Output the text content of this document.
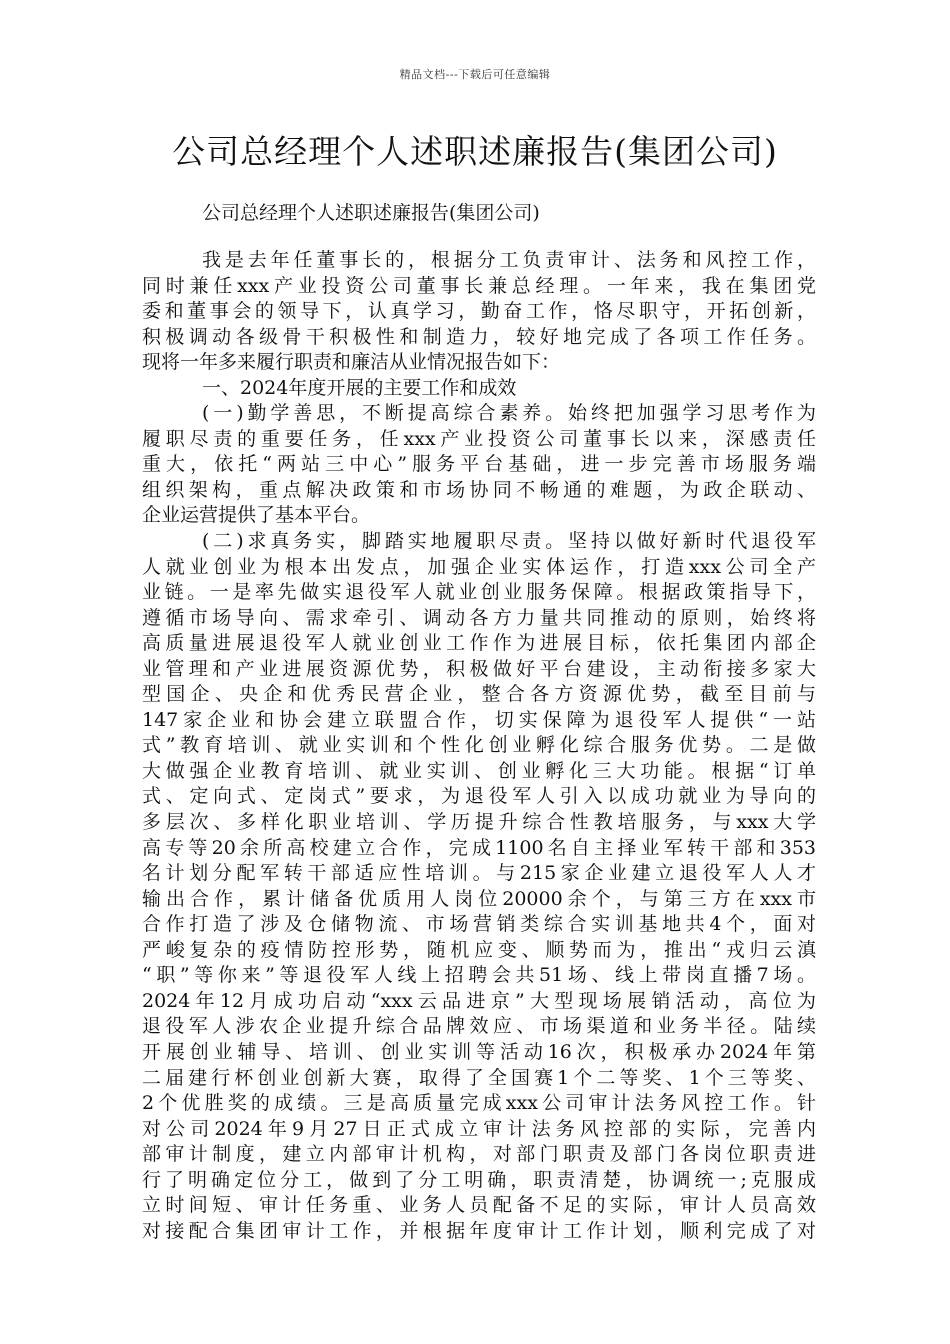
精品文档---下载后可任意编辑
公司总经理个人述职述廉报告(集团公司)
公司总经理个人述职述廉报告(集团公司)
我是去年任董事长的，根据分工负责审计、法务和风控工作，
同时兼任xxx产业投资公司董事长兼总经理。一年来，我在集团党
委和董事会的领导下，认真学习，勤奋工作，恪尽职守，开拓创新，
积极调动各级骨干积极性和制造力，较好地完成了各项工作任务。
现将一年多来履行职责和廉洁从业情况报告如下：
一、2024年度开展的主要工作和成效
(一)勤学善思，不断提高综合素养。始终把加强学习思考作为
履职尽责的重要任务，任xxx产业投资公司董事长以来，深感责任
重大，依托“两站三中心”服务平台基础，进一步完善市场服务端
组织架构，重点解决政策和市场协同不畅通的难题，为政企联动、
企业运营提供了基本平台。
(二)求真务实，脚踏实地履职尽责。坚持以做好新时代退役军
人就业创业为根本出发点，加强企业实体运作，打造xxx公司全产
业链。一是率先做实退役军人就业创业服务保障。根据政策指导下，
遵循市场导向、需求牵引、调动各方力量共同推动的原则，始终将
高质量进展退役军人就业创业工作作为进展目标，依托集团内部企
业管理和产业进展资源优势，积极做好平台建设，主动衔接多家大
型国企、央企和优秀民营企业，整合各方资源优势，截至目前与
147家企业和协会建立联盟合作，切实保障为退役军人提供“一站
式”教育培训、就业实训和个性化创业孵化综合服务优势。二是做
大做强企业教育培训、就业实训、创业孵化三大功能。根据“订单
式、定向式、定岗式”要求，为退役军人引入以成功就业为导向的
多层次、多样化职业培训、学历提升综合性教培服务，与xxx大学
高专等20余所高校建立合作，完成1100名自主择业军转干部和353
名计划分配军转干部适应性培训。与215家企业建立退役军人人才
输出合作，累计储备优质用人岗位20000余个，与第三方在xxx市
合作打造了涉及仓储物流、市场营销类综合实训基地共4个，面对
严峻复杂的疫情防控形势，随机应变、顺势而为，推出“戎归云滇
“职”等你来”等退役军人线上招聘会共51场、线上带岗直播7场。
2024年12月成功启动“xxx云品进京”大型现场展销活动，高位为
退役军人涉农企业提升综合品牌效应、市场渠道和业务半径。陆续
开展创业辅导、培训、创业实训等活动16次，积极承办2024年第
二届建行杯创业创新大赛，取得了全国赛1个二等奖、1个三等奖、
2个优胜奖的成绩。三是高质量完成xxx公司审计法务风控工作。针
对公司2024年9月27日正式成立审计法务风控部的实际，完善内
部审计制度，建立内部审计机构，对部门职责及部门各岗位职责进
行了明确定位分工，做到了分工明确，职责清楚，协调统一;克服成
立时间短、审计任务重、业务人员配备不足的实际，审计人员高效
对接配合集团审计工作，并根据年度审计工作计划，顺利完成了对
